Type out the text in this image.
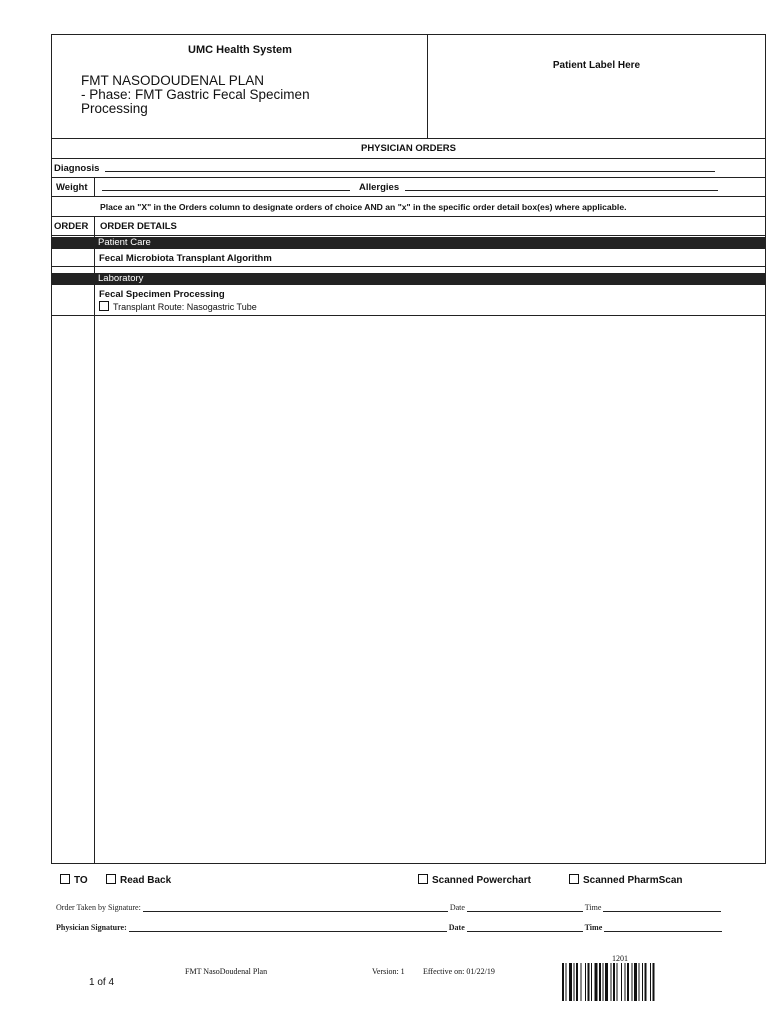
UMC Health System
FMT NASODOUDENAL PLAN
- Phase: FMT Gastric Fecal Specimen
Processing
Patient Label Here
PHYSICIAN ORDERS
Diagnosis
Weight	Allergies
Place an "X" in the Orders column to designate orders of choice AND an "x" in the specific order detail box(es) where applicable.
ORDER ORDER DETAILS
Patient Care
Fecal Microbiota Transplant Algorithm
Laboratory
Fecal Specimen Processing
Transplant Route: Nasogastric Tube
TO	Read Back	Scanned Powerchart	Scanned PharmScan
Order Taken by Signature:	Date	Time
Physician Signature:	Date	Time
FMT NasoDoudenal Plan	Version: 1 Effective on: 01/22/19
1 of 4
1201
